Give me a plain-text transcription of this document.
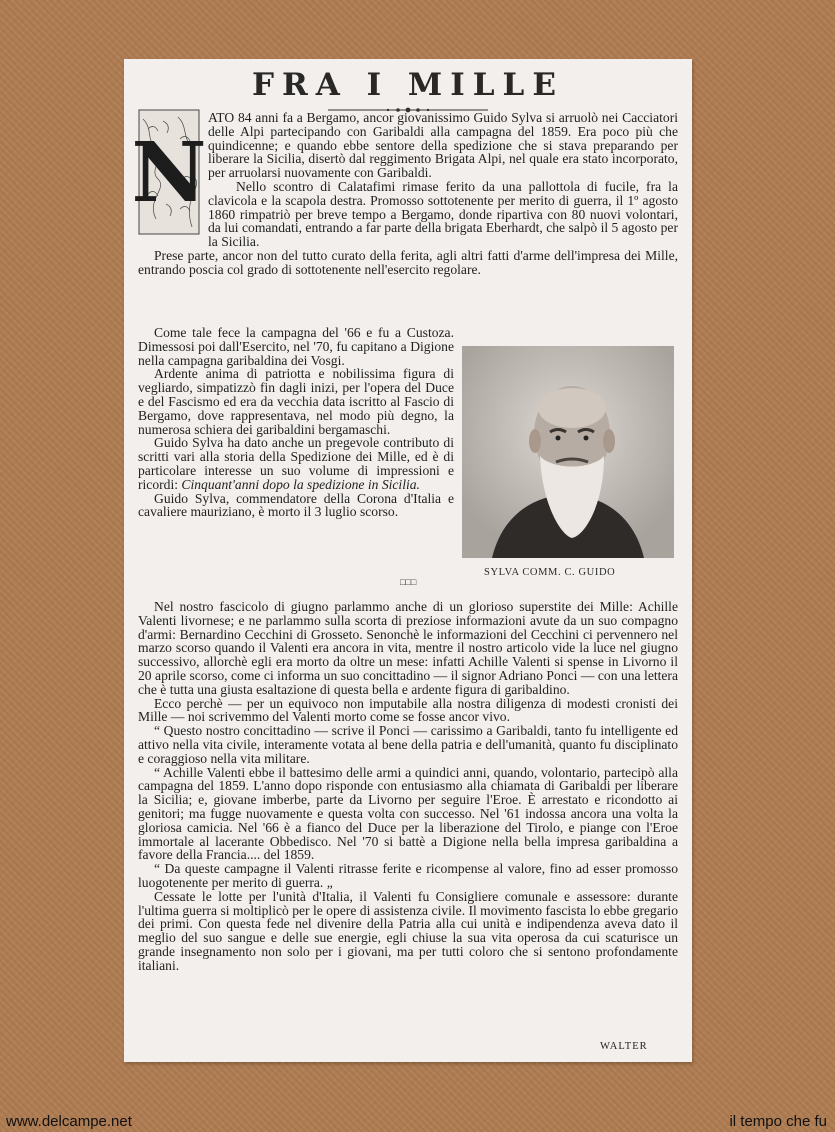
FRA I MILLE

ATO 84 anni fa a Bergamo, ancor giovanissimo Guido Sylva si arruolò nei Cacciatori delle Alpi partecipando con Garibaldi alla campagna del 1859. Era poco più che quindicenne; e quando ebbe sentore della spedizione che si stava preparando per liberare la Sicilia, disertò dal reggimento Brigata Alpi, nel quale era stato incorporato, per arruolarsi nuovamente con Garibaldi.

Nello scontro di Calatafimi rimase ferito da una pallottola di fucile, fra la clavicola e la scapola destra. Promosso sottotenente per merito di guerra, il 1º agosto 1860 rimpatriò per breve tempo a Bergamo, donde ripartiva con 80 nuovi volontari, da lui comandati, entrando a far parte della brigata Eberhardt, che salpò il 5 agosto per la Sicilia.

Prese parte, ancor non del tutto curato della ferita, agli altri fatti d'arme dell'impresa dei Mille, entrando poscia col grado di sottotenente nell'esercito regolare.

Come tale fece la campagna del '66 e fu a Custoza. Dimessosi poi dall'Esercito, nel '70, fu capitano a Digione nella campagna garibaldina dei Vosgi.

Ardente anima di patriotta e nobilissima figura di vegliardo, simpatizzò fin dagli inizi, per l'opera del Duce e del Fascismo ed era da vecchia data iscritto al Fascio di Bergamo, dove rappresentava, nel modo più degno, la numerosa schiera dei garibaldini bergamaschi.

Guido Sylva ha dato anche un pregevole contributo di scritti vari alla storia della Spedizione dei Mille, ed è di particolare interesse un suo volume di impressioni e ricordi: Cinquant'anni dopo la spedizione in Sicilia.

Guido Sylva, commendatore della Corona d'Italia e cavaliere mauriziano, è morto il 3 luglio scorso.

N
SYLVA COMM. C. GUIDO
□□□

Nel nostro fascicolo di giugno parlammo anche di un glorioso superstite dei Mille: Achille Valenti livornese; e ne parlammo sulla scorta di preziose informazioni avute da un suo compagno d'armi: Bernardino Cecchini di Grosseto. Senonchè le informazioni del Cecchini ci pervennero nel marzo scorso quando il Valenti era ancora in vita, mentre il nostro articolo vide la luce nel giugno successivo, allorchè egli era morto da oltre un mese: infatti Achille Valenti si spense in Livorno il 20 aprile scorso, come ci informa un suo concittadino — il signor Adriano Ponci — con una lettera che è tutta una giusta esaltazione di questa bella e ardente figura di garibaldino.

Ecco perchè — per un equivoco non imputabile alla nostra diligenza di modesti cronisti dei Mille — noi scrivemmo del Valenti morto come se fosse ancor vivo.

“ Questo nostro concittadino — scrive il Ponci — carissimo a Garibaldi, tanto fu intelligente ed attivo nella vita civile, interamente votata al bene della patria e dell'umanità, quanto fu disciplinato e coraggioso nella vita militare.

“ Achille Valenti ebbe il battesimo delle armi a quindici anni, quando, volontario, partecipò alla campagna del 1859. L'anno dopo risponde con entusiasmo alla chiamata di Garibaldi per liberare la Sicilia; e, giovane imberbe, parte da Livorno per seguire l'Eroe. È arrestato e ricondotto ai genitori; ma fugge nuovamente e questa volta con successo. Nel '61 indossa ancora una volta la gloriosa camicia. Nel '66 è a fianco del Duce per la liberazione del Tirolo, e piange con l'Eroe immortale al lacerante Obbedisco. Nel '70 si battè a Digione nella bella impresa garibaldina a favore della Francia.... del 1859.

“ Da queste campagne il Valenti ritrasse ferite e ricompense al valore, fino ad esser promosso luogotenente per merito di guerra. „

Cessate le lotte per l'unità d'Italia, il Valenti fu Consigliere comunale e assessore: durante l'ultima guerra si moltiplicò per le opere di assistenza civile. Il movimento fascista lo ebbe gregario dei primi. Con questa fede nel divenire della Patria alla cui unità e indipendenza aveva dato il meglio del suo sangue e delle sue energie, egli chiuse la sua vita operosa da cui scaturisce un grande insegnamento non solo per i giovani, ma per tutti coloro che si sentono profondamente italiani.

WALTER
www.delcampe.net	il tempo che fu
